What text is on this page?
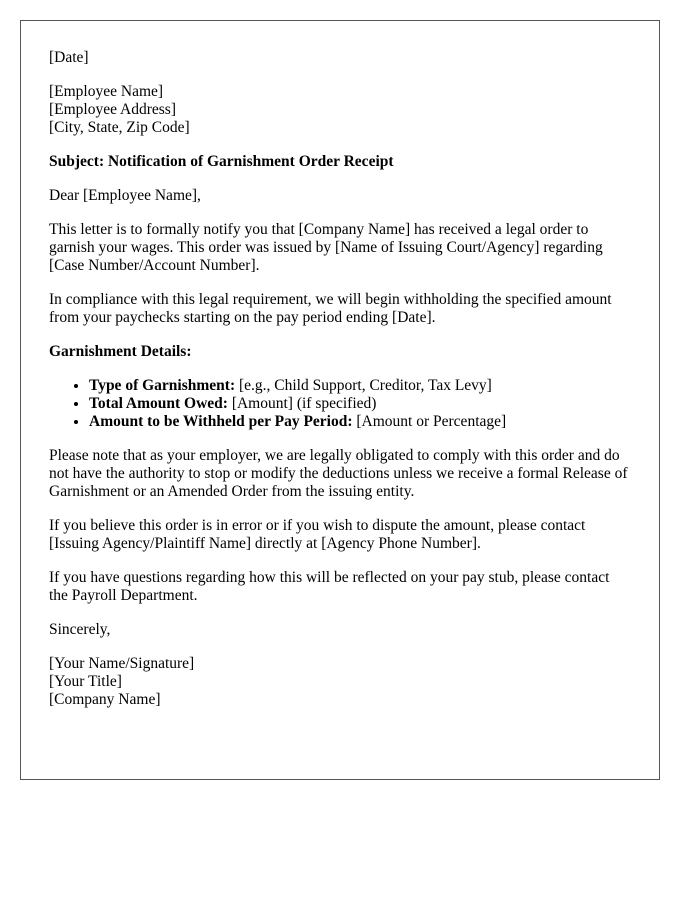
[Date]

[Employee Name]
[Employee Address]
[City, State, Zip Code]

Subject: Notification of Garnishment Order Receipt

Dear [Employee Name],

This letter is to formally notify you that [Company Name] has received a legal order to garnish your wages. This order was issued by [Name of Issuing Court/Agency] regarding [Case Number/Account Number].

In compliance with this legal requirement, we will begin withholding the specified amount from your paychecks starting on the pay period ending [Date].

Garnishment Details:

• Type of Garnishment: [e.g., Child Support, Creditor, Tax Levy]
• Total Amount Owed: [Amount] (if specified)
• Amount to be Withheld per Pay Period: [Amount or Percentage]

Please note that as your employer, we are legally obligated to comply with this order and do not have the authority to stop or modify the deductions unless we receive a formal Release of Garnishment or an Amended Order from the issuing entity.

If you believe this order is in error or if you wish to dispute the amount, please contact [Issuing Agency/Plaintiff Name] directly at [Agency Phone Number].

If you have questions regarding how this will be reflected on your pay stub, please contact the Payroll Department.

Sincerely,

[Your Name/Signature]
[Your Title]
[Company Name]
